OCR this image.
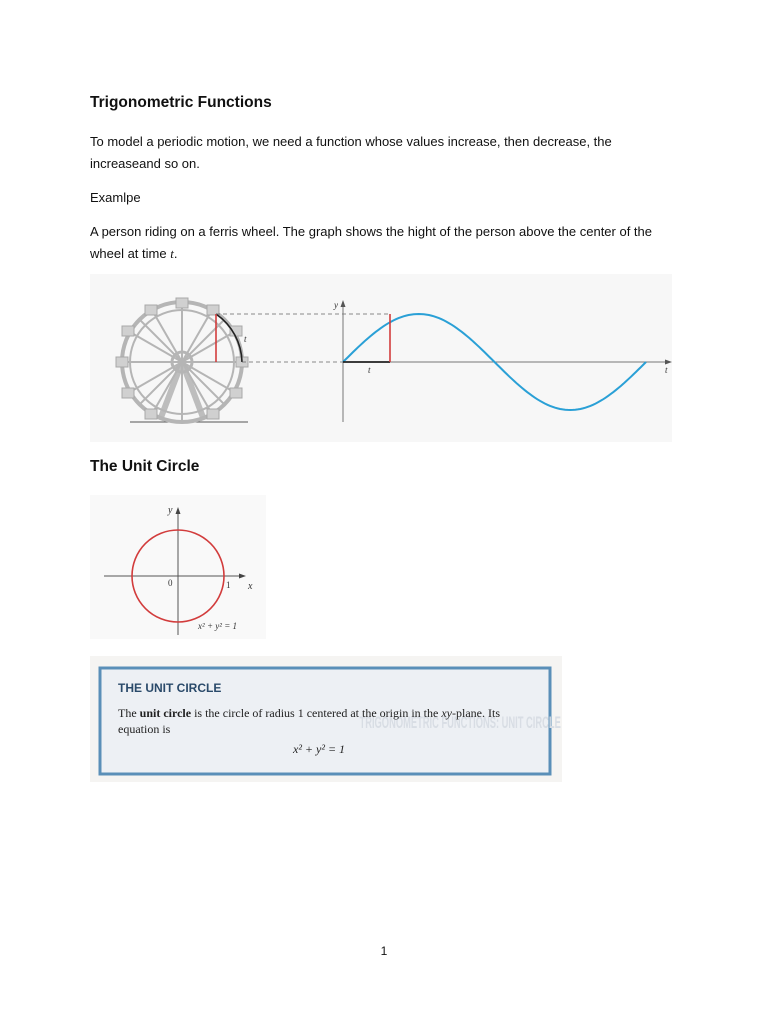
Trigonometric Functions

To model a periodic motion, we need a function whose values increase, then decrease, the increaseand so on.

Examlpe

A person riding on a ferris wheel. The graph shows the hight of the person above the center of the wheel at time t.

t
y
t
t
The Unit Circle
y
x
0	1
x² + y² = 1
TRIGONOMETRIC FUNCTIONS: UNIT CIRCLE
THE UNIT CIRCLE
The unit circle is the circle of radius 1 centered at the origin in the xy-plane. Its
equation is
x² + y² = 1
1
